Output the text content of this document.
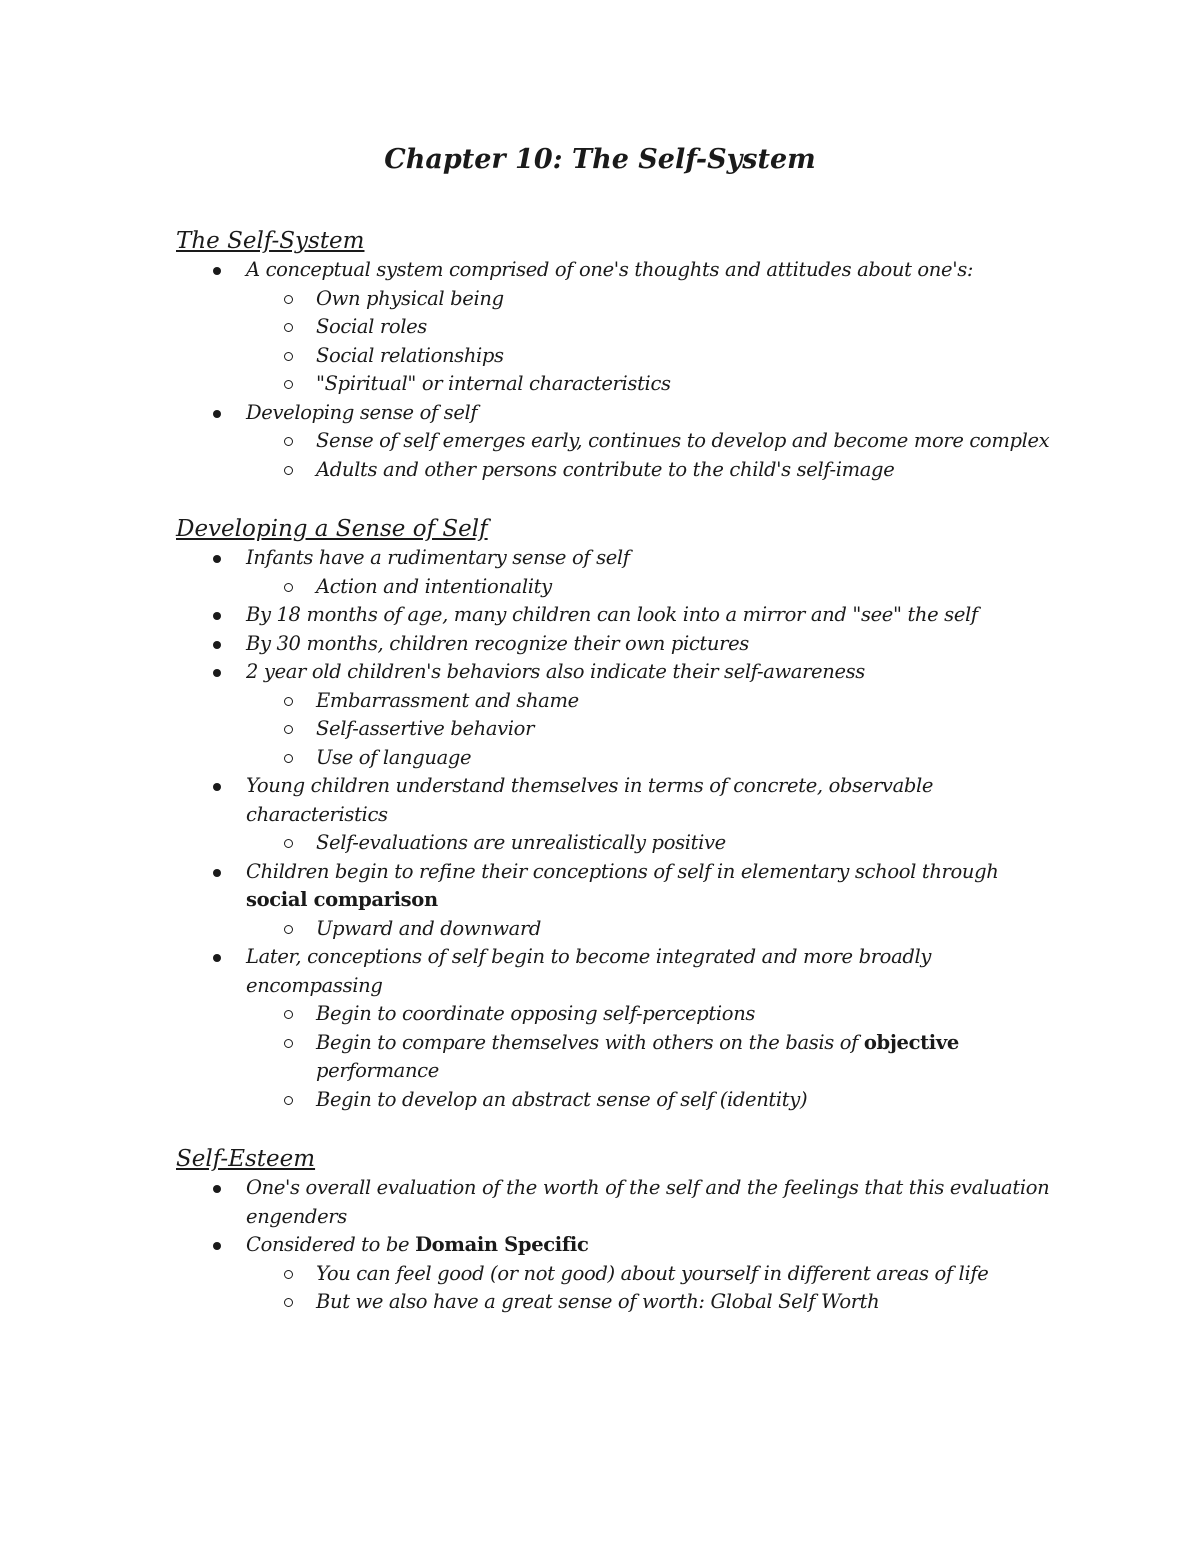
Chapter 10: The Self-System
The Self-System
A conceptual system comprised of one's thoughts and attitudes about one's:
Own physical being
Social roles
Social relationships
"Spiritual" or internal characteristics
Developing sense of self
Sense of self emerges early, continues to develop and become more complex
Adults and other persons contribute to the child's self-image
Developing a Sense of Self
Infants have a rudimentary sense of self
Action and intentionality
By 18 months of age, many children can look into a mirror and "see" the self
By 30 months, children recognize their own pictures
2 year old children's behaviors also indicate their self-awareness
Embarrassment and shame
Self-assertive behavior
Use of language
Young children understand themselves in terms of concrete, observable characteristics
Self-evaluations are unrealistically positive
Children begin to refine their conceptions of self in elementary school through social comparison
Upward and downward
Later, conceptions of self begin to become integrated and more broadly encompassing
Begin to coordinate opposing self-perceptions
Begin to compare themselves with others on the basis of objective performance
Begin to develop an abstract sense of self (identity)
Self-Esteem
One's overall evaluation of the worth of the self and the feelings that this evaluation engenders
Considered to be Domain Specific
You can feel good (or not good) about yourself in different areas of life
But we also have a great sense of worth: Global Self Worth
